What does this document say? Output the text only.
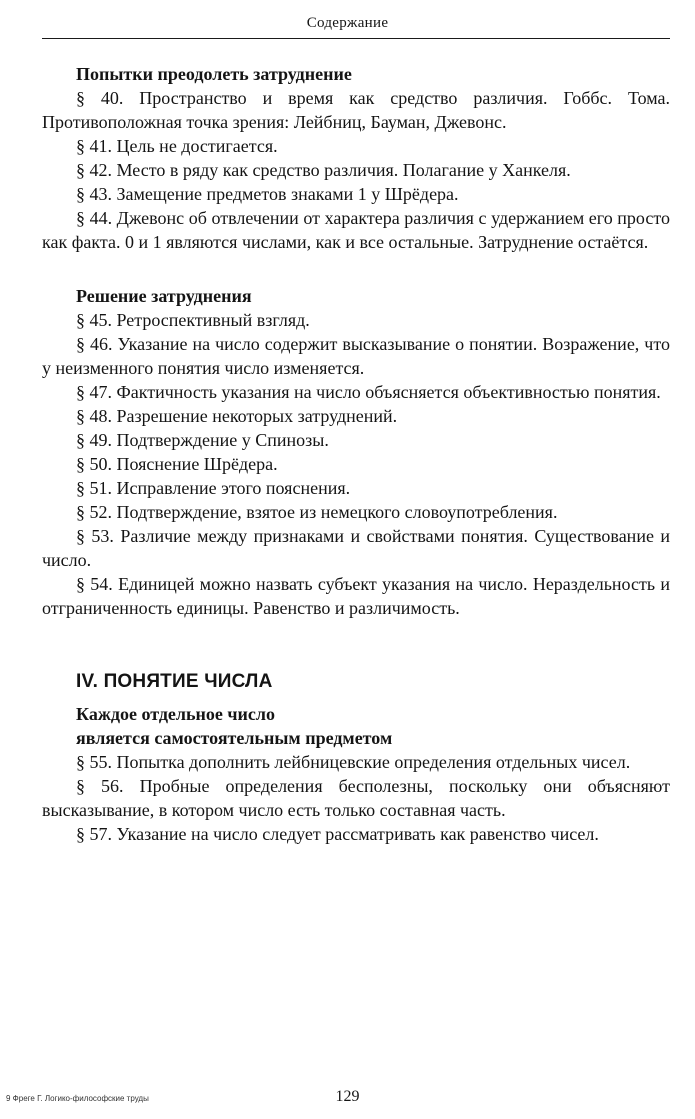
Содержание

Попытки преодолеть затруднение

§ 40. Пространство и время как средство различия. Гоббс. Тома. Противоположная точка зрения: Лейбниц, Бауман, Джевонс.

§ 41. Цель не достигается.

§ 42. Место в ряду как средство различия. Полагание у Ханкеля.

§ 43. Замещение предметов знаками 1 у Шрёдера.

§ 44. Джевонс об отвлечении от характера различия с удержанием его просто как факта. 0 и 1 являются числами, как и все остальные. Затруднение остаётся.

Решение затруднения

§ 45. Ретроспективный взгляд.

§ 46. Указание на число содержит высказывание о понятии. Возражение, что у неизменного понятия число изменяется.

§ 47. Фактичность указания на число объясняется объективностью понятия.

§ 48. Разрешение некоторых затруднений.

§ 49. Подтверждение у Спинозы.

§ 50. Пояснение Шрёдера.

§ 51. Исправление этого пояснения.

§ 52. Подтверждение, взятое из немецкого словоупотребления.

§ 53. Различие между признаками и свойствами понятия. Существование и число.

§ 54. Единицей можно назвать субъект указания на число. Нераздельность и отграниченность единицы. Равенство и различимость.

IV. ПОНЯТИЕ ЧИСЛА

Каждое отдельное число

является самостоятельным предметом

§ 55. Попытка дополнить лейбницевские определения отдельных чисел.

§ 56. Пробные определения бесполезны, поскольку они объясняют высказывание, в котором число есть только составная часть.

§ 57. Указание на число следует рассматривать как равенство чисел.

9 Фреге Г. Логико-философские труды	129
